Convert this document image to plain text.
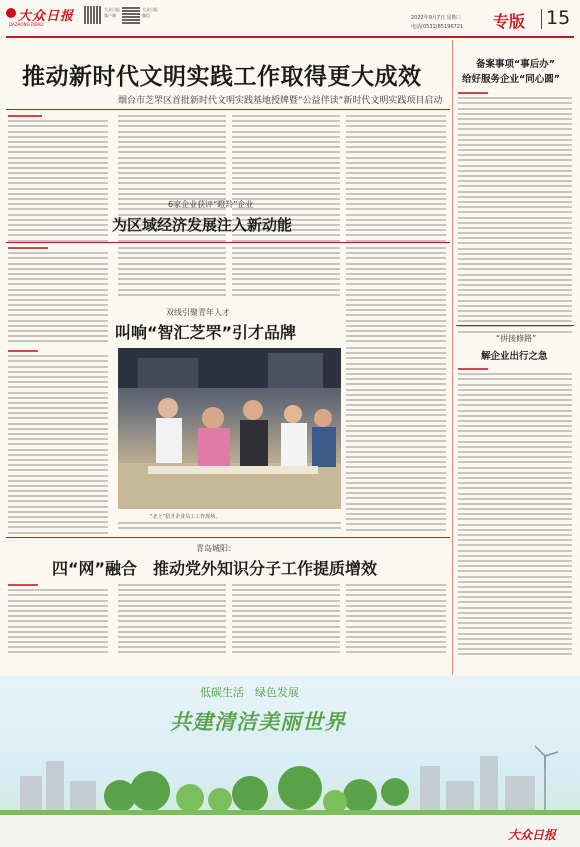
大众日报
DAZHONG RIBAO
大众日报
客户端
大众日报
微信	2022年9月7日 星期三
电话(0531)85196721 专版 15
推动新时代文明实践工作取得更大成效
烟台市芝罘区首批新时代文明实践基地授牌暨“公益伴读”新时代文明实践项目启动
6家企业获评“瞪羚”企业
为区域经济发展注入新动能
双线引聚青年人才
叫响“智汇芝罘”引才品牌
“北上”招才企业员工工作现场。
青岛城阳：
四“网”融合　推动党外知识分子工作提质增效
备案事项“事后办”
给好服务企业“同心圆”
“拼接修路”
解企业出行之急
低碳生活　绿色发展
共建清洁美丽世界
大众日报
